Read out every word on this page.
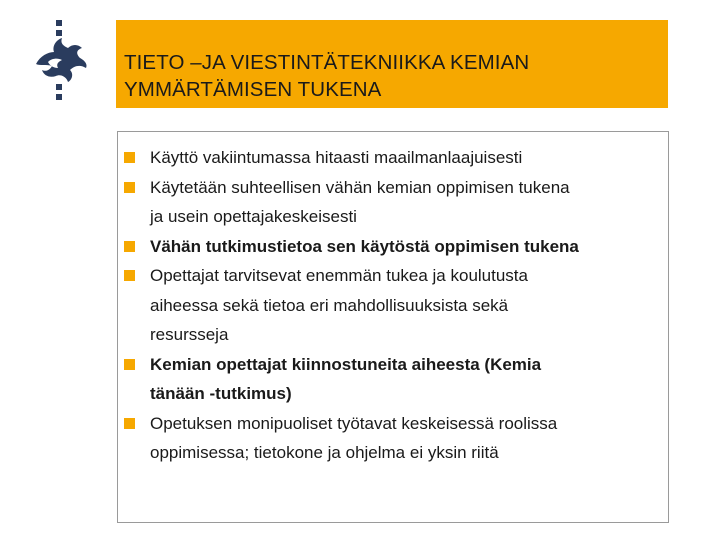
TIETO –JA VIESTINTÄTEKNIIKKA KEMIAN
YMMÄRTÄMISEN TUKENA
Käyttö vakiintumassa hitaasti maailmanlaajuisesti
Käytetään suhteellisen vähän kemian oppimisen tukena
ja usein opettajakeskeisesti
Vähän tutkimustietoa sen käytöstä oppimisen tukena
Opettajat tarvitsevat enemmän tukea ja koulutusta
aiheessa sekä tietoa eri mahdollisuuksista sekä
resursseja
Kemian opettajat kiinnostuneita aiheesta (Kemia
tänään -tutkimus)
Opetuksen monipuoliset työtavat keskeisessä roolissa
oppimisessa; tietokone ja ohjelma ei yksin riitä
